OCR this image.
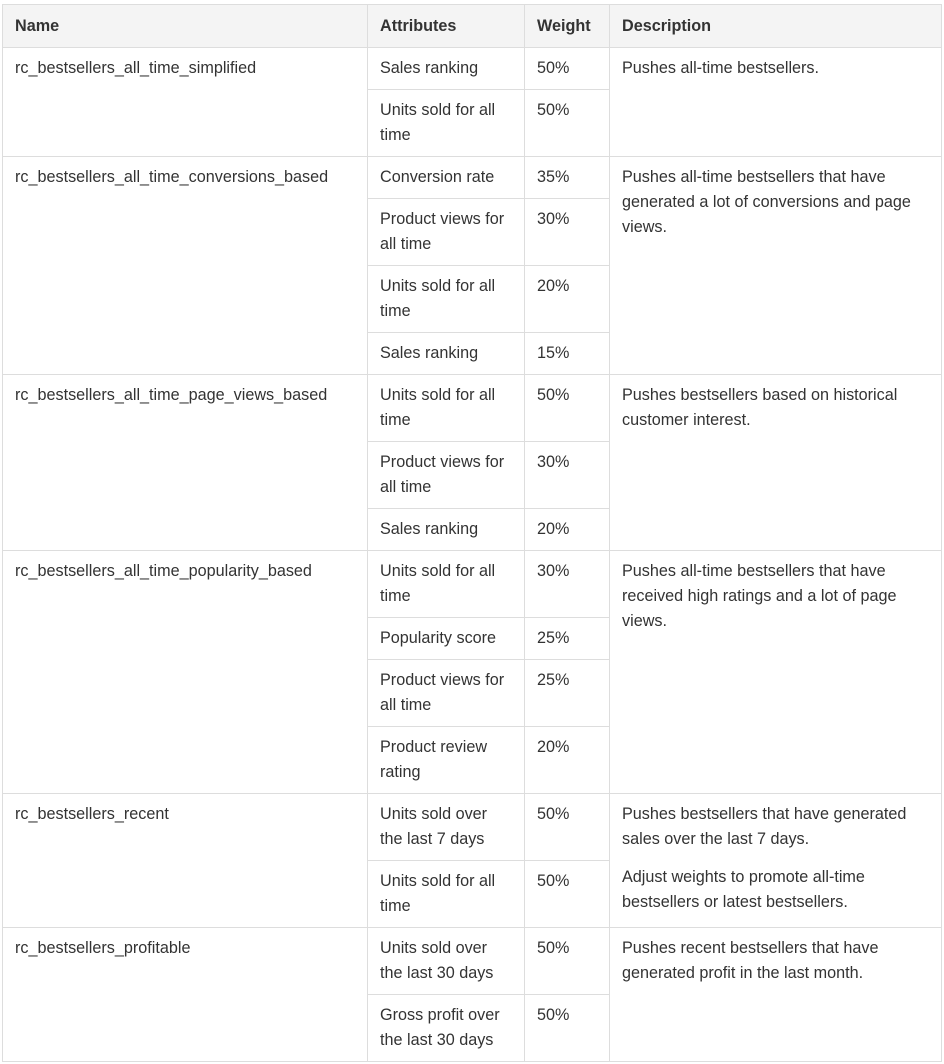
Name	Attributes	Weight	Description
rc_bestsellers_all_time_simplified	Sales ranking	50%	Pushes all-time bestsellers.

	Units sold for all time	50%	
rc_bestsellers_all_time_conversions_based	Conversion rate	35%	Pushes all-time bestsellers that have generated a lot of conversions and page views.

	Product views for all time	30%	
	Units sold for all time	20%	
	Sales ranking	15%	
rc_bestsellers_all_time_page_views_based	Units sold for all time	50%	Pushes bestsellers based on historical customer interest.

	Product views for all time	30%	
	Sales ranking	20%	
rc_bestsellers_all_time_popularity_based	Units sold for all time	30%	Pushes all-time bestsellers that have received high ratings and a lot of page views.

	Popularity score	25%	
	Product views for all time	25%	
	Product review rating	20%	
rc_bestsellers_recent	Units sold over the last 7 days	50%	Pushes bestsellers that have generated sales over the last 7 days.

Adjust weights to promote all-time bestsellers or latest bestsellers.

	Units sold for all time	50%	
rc_bestsellers_profitable	Units sold over the last 30 days	50%	Pushes recent bestsellers that have generated profit in the last month.

	Gross profit over the last 30 days	50%	
